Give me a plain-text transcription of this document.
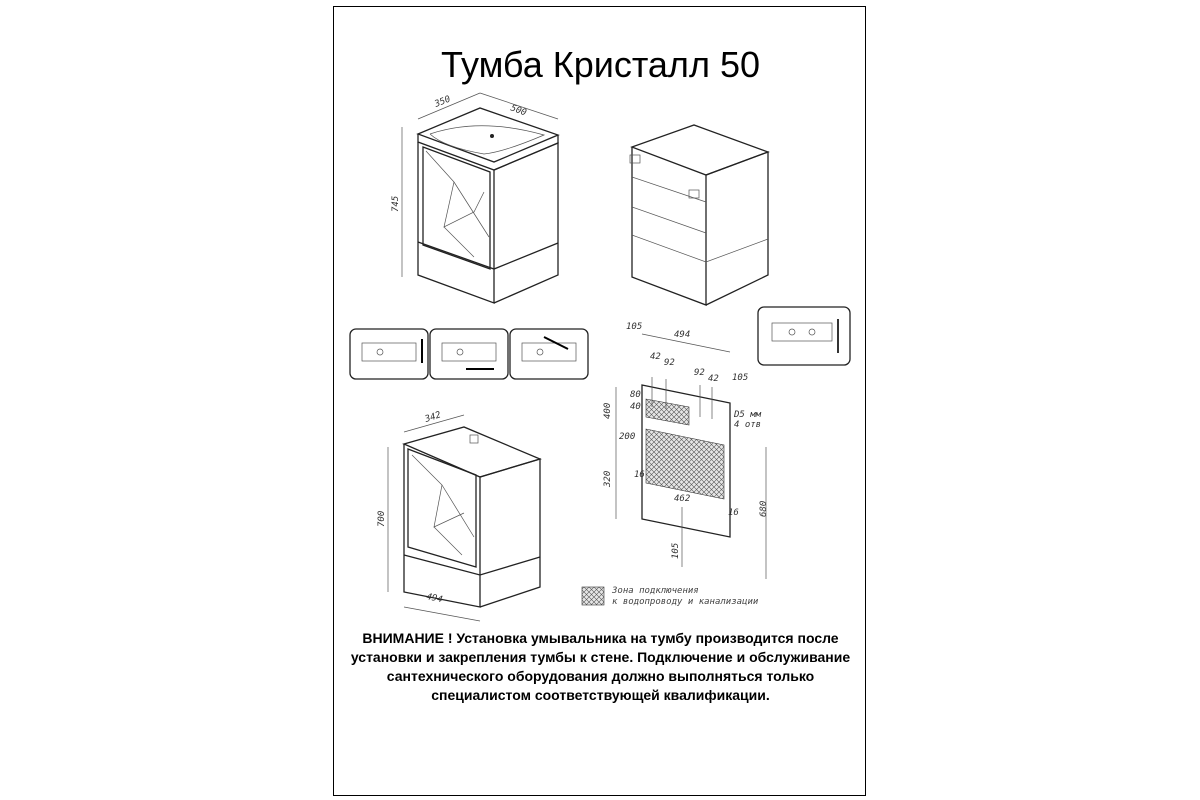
Тумба Кристалл 50
350
500
745
105
494
105
42
92
92
42
80
40
400
200
320 16
462
16 680
D5 мм
4 отв
105
342
700
494
Зона подключения
к водопроводу и канализации

ВНИМАНИЕ ! Установка умывальника на тумбу производится после

установки и закрепления тумбы к стене. Подключение и обслуживание

сантехнического оборудования должно выполняться только

специалистом соответствующей квалификации.
